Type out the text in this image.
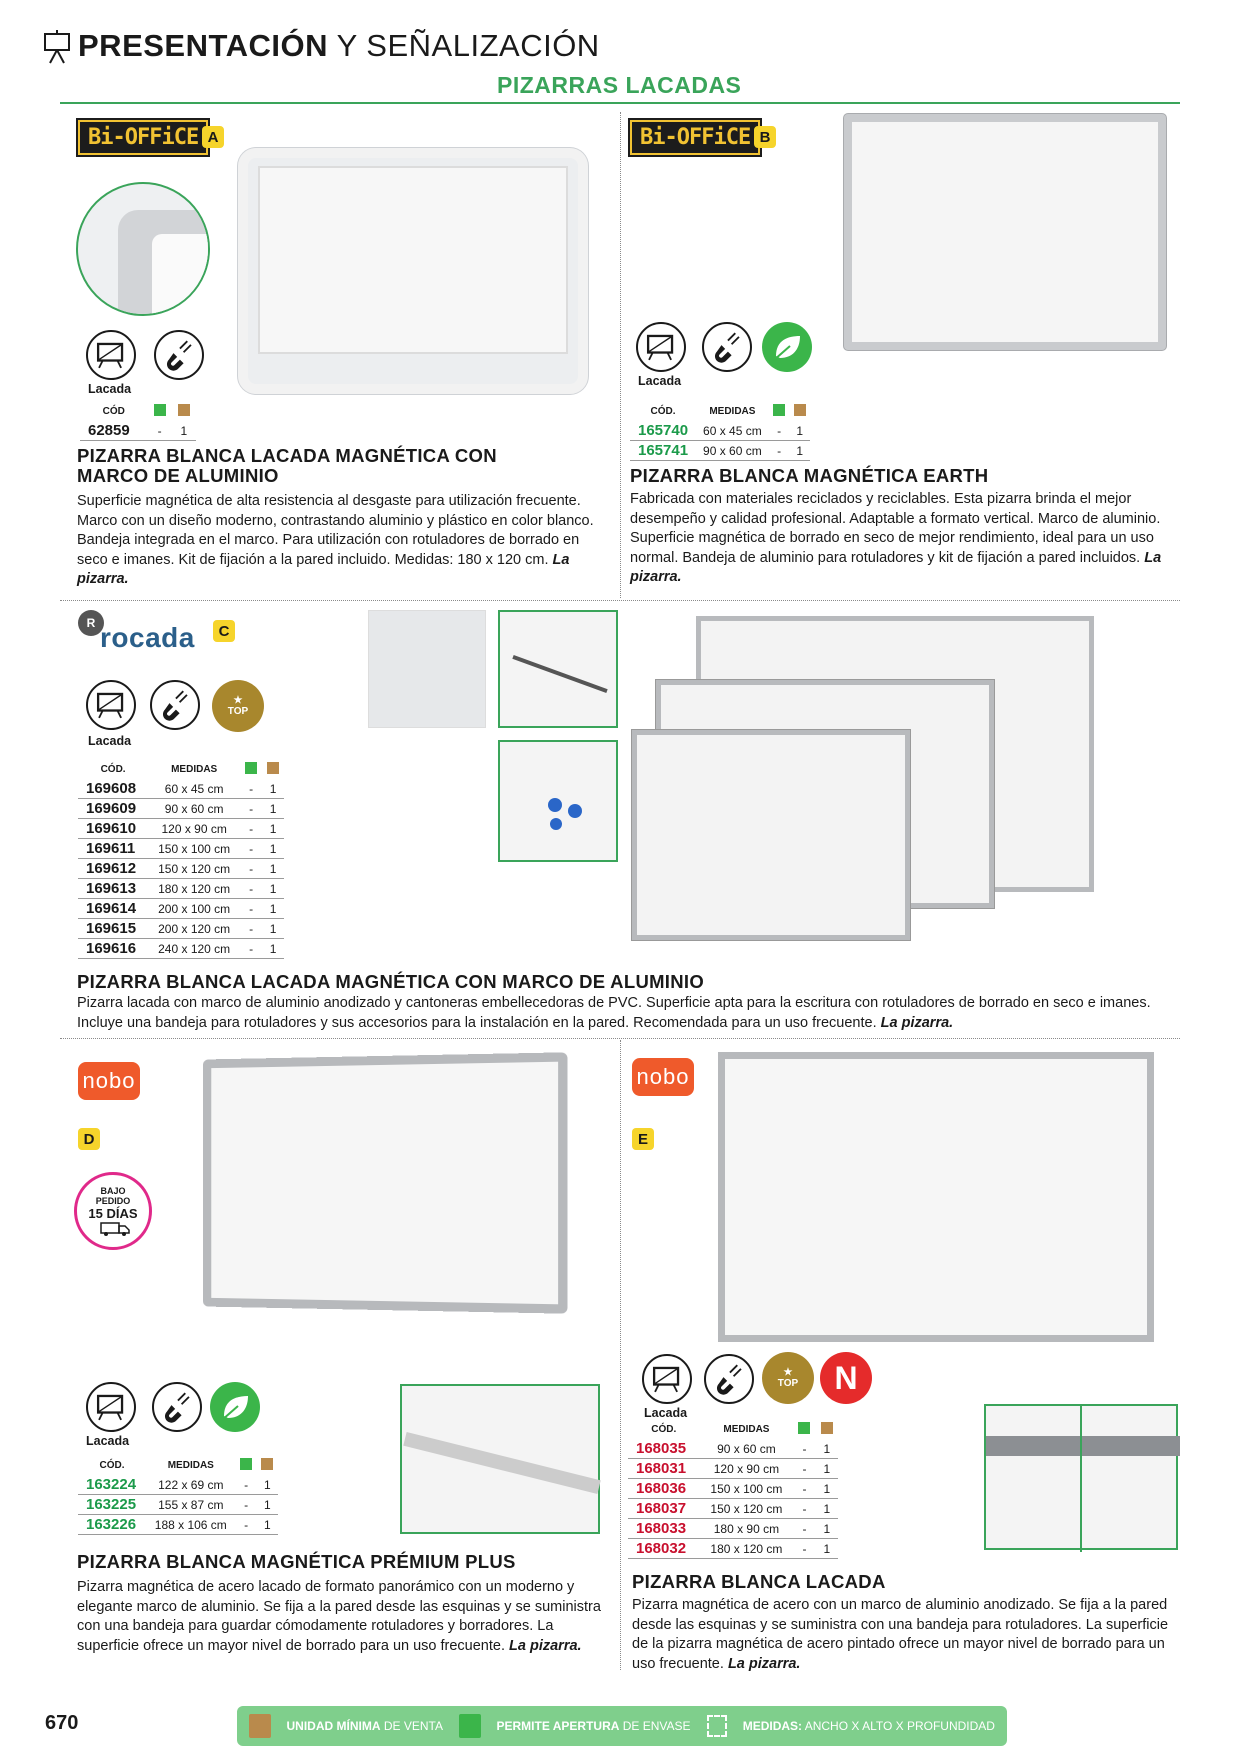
PRESENTACIÓN Y SEÑALIZACIÓN
PIZARRAS LACADAS
Bi-OFFiCE A
Lacada
CÓD		
62859	-	1
PIZARRA BLANCA LACADA MAGNÉTICA CON MARCO DE ALUMINIO
Superficie magnética de alta resistencia al desgaste para utilización frecuente. Marco con un diseño moderno, contrastando aluminio y plástico en color blanco. Bandeja integrada en el marco. Para utilización con rotuladores de borrado en seco e imanes. Kit de fijación a la pared incluido. Medidas: 180 x 120 cm. La pizarra.
Bi-OFFiCE B
Lacada
CÓD.	MEDIDAS		
165740	60 x 45 cm	-	1
165741	90 x 60 cm	-	1
PIZARRA BLANCA MAGNÉTICA EARTH
Fabricada con materiales reciclados y reciclables. Esta pizarra brinda el mejor desempeño y calidad profesional. Adaptable a formato vertical. Marco de aluminio. Superficie magnética de borrado en seco de mejor rendimiento, ideal para un uso normal. Bandeja de aluminio para rotuladores y kit de fijación a pared incluidos. La pizarra.
R rocada	C
★
TOP
Lacada
CÓD.	MEDIDAS		
169608	60 x 45 cm	-	1
169609	90 x 60 cm	-	1
169610	120 x 90 cm	-	1
169611	150 x 100 cm	-	1
169612	150 x 120 cm	-	1
169613	180 x 120 cm	-	1
169614	200 x 100 cm	-	1
169615	200 x 120 cm	-	1
169616	240 x 120 cm	-	1
PIZARRA BLANCA LACADA MAGNÉTICA CON MARCO DE ALUMINIO
Pizarra lacada con marco de aluminio anodizado y cantoneras embellecedoras de PVC. Superficie apta para la escritura con rotuladores de borrado en seco e imanes. Incluye una bandeja para rotuladores y sus accesorios para la instalación en la pared. Recomendada para un uso frecuente. La pizarra.
nobo
D
BAJO
PEDIDO
15 DÍAS
Lacada
CÓD.	MEDIDAS		
163224	122 x 69 cm	-	1
163225	155 x 87 cm	-	1
163226	188 x 106 cm	-	1
PIZARRA BLANCA MAGNÉTICA PRÉMIUM PLUS
Pizarra magnética de acero lacado de formato panorámico con un moderno y elegante marco de aluminio. Se fija a la pared desde las esquinas y se suministra con una bandeja para guardar cómodamente rotuladores y borradores. La superficie ofrece un mayor nivel de borrado para un uso frecuente. La pizarra.
nobo
E
★
TOP	N
Lacada
CÓD.	MEDIDAS		
168035	90 x 60 cm	-	1
168031	120 x 90 cm	-	1
168036	150 x 100 cm	-	1
168037	150 x 120 cm	-	1
168033	180 x 90 cm	-	1
168032	180 x 120 cm	-	1
PIZARRA BLANCA LACADA
Pizarra magnética de acero con un marco de aluminio anodizado. Se fija a la pared desde las esquinas y se suministra con una bandeja para rotuladores. La superficie de la pizarra magnética de acero pintado ofrece un mayor nivel de borrado para un uso frecuente. La pizarra.
670	UNIDAD MÍNIMA DE VENTA	PERMITE APERTURA DE ENVASE	MEDIDAS: ANCHO X ALTO X PROFUNDIDAD
